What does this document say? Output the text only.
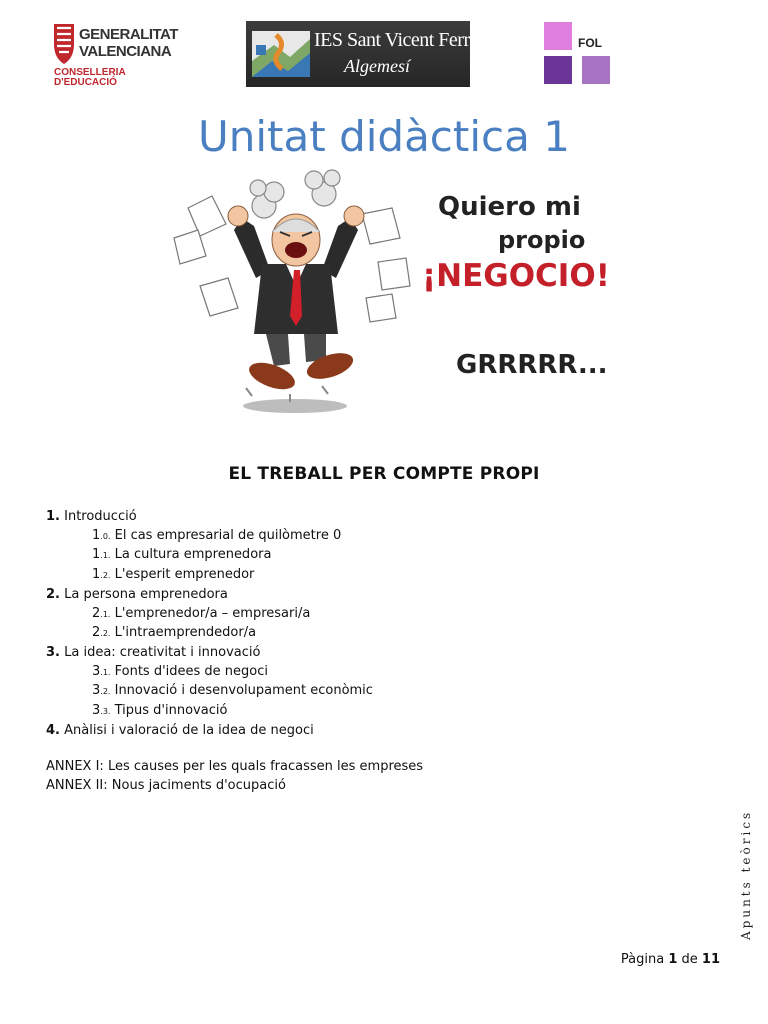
GENERALITAT
VALENCIANA
CONSELLERIA D'EDUCACIÓ
IES Sant Vicent Ferrer
Algemesí
FOL
Unitat didàctica 1
Quiero mi
propio
¡NEGOCIO!
GRRRRR...
EL TREBALL PER COMPTE PROPI
1. Introducció
1.0. El cas empresarial de quilòmetre 0
1.1. La cultura emprenedora
1.2. L'esperit emprenedor
2. La persona emprenedora
2.1. L'emprenedor/a – empresari/a
2.2. L'intraemprendedor/a
3. La idea: creativitat i innovació
3.1. Fonts d'idees de negoci
3.2. Innovació i desenvolupament econòmic
3.3. Tipus d'innovació
4. Anàlisi i valoració de la idea de negoci
ANNEX I: Les causes per les quals fracassen les empreses
ANNEX II: Nous jaciments d'ocupació
Apunts teòrics
Pàgina 1 de 11
